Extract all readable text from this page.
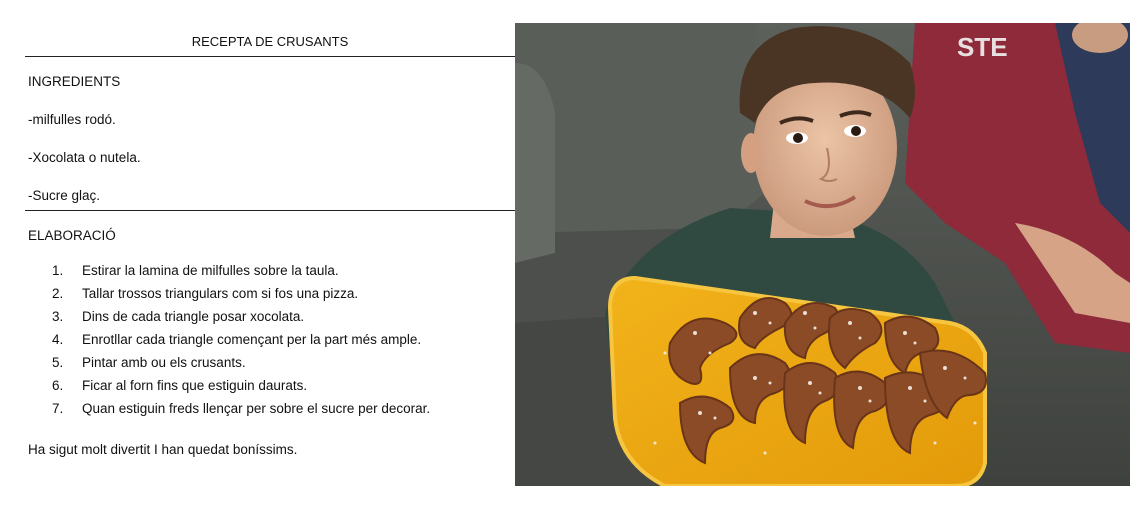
RECEPTA DE CRUSANTS
INGREDIENTS
-milfulles rodó.
-Xocolata o nutela.
-Sucre glaç.
ELABORACIÓ
1.	Estirar la lamina de milfulles sobre la taula.
2.	Tallar trossos triangulars com si fos una pizza.
3.	Dins de cada triangle posar xocolata.
4.	Enrotllar cada triangle començant per la part més ample.
5.	Pintar amb ou els crusants.
6.	Ficar al forn fins que estiguin daurats.
7.	Quan estiguin freds llençar per sobre el sucre per decorar.
Ha sigut molt divertit I han quedat boníssims.
STE
